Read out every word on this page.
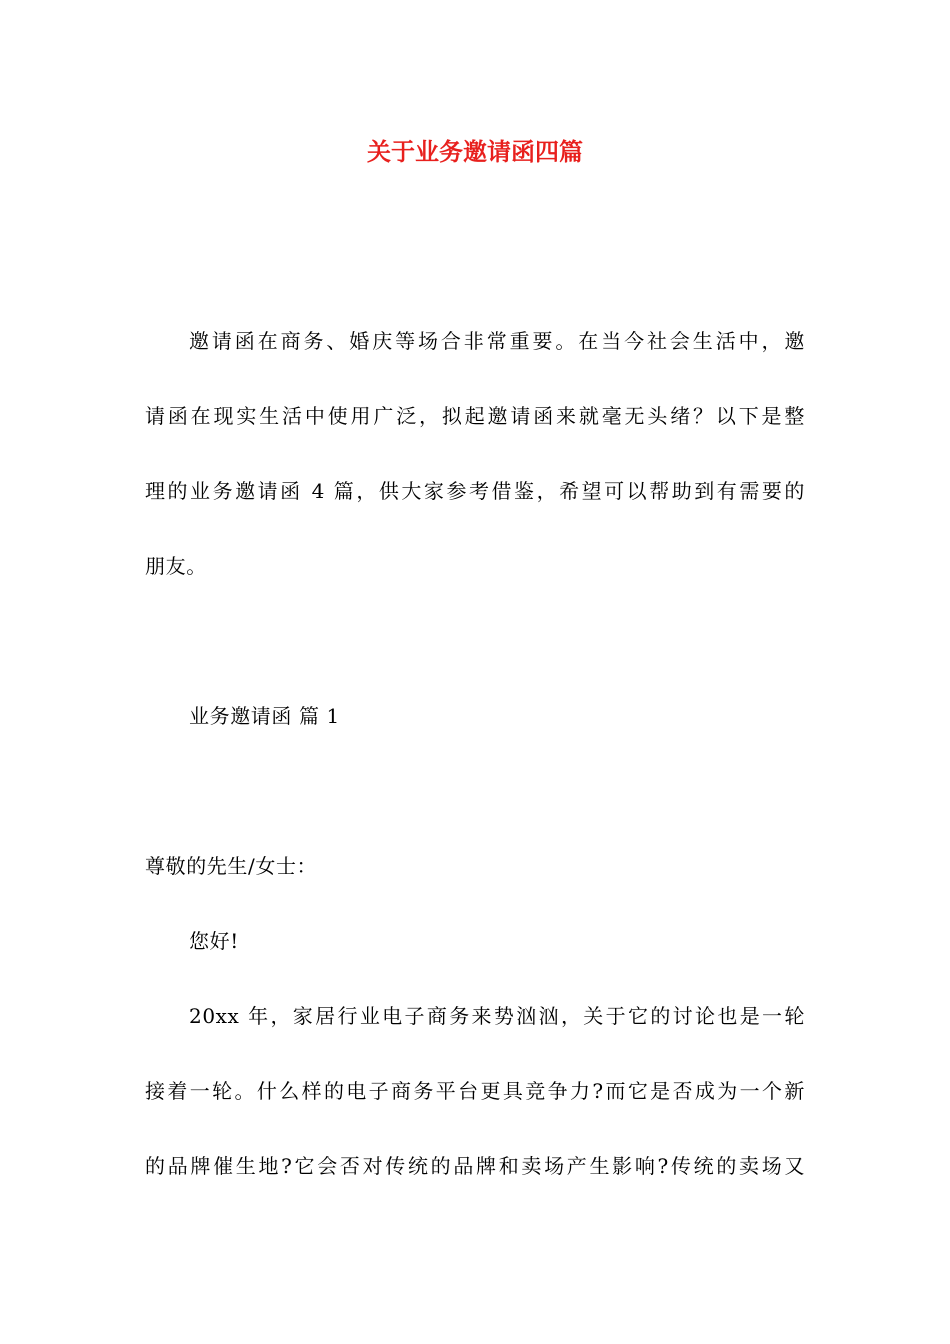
关于业务邀请函四篇
邀请函在商务、婚庆等场合非常重要。在当今社会生活中，邀
请函在现实生活中使用广泛，拟起邀请函来就毫无头绪？以下是整
理的业务邀请函 4 篇，供大家参考借鉴，希望可以帮助到有需要的
朋友。
业务邀请函 篇 1
尊敬的先生/女士：
您好!
20xx 年，家居行业电子商务来势汹汹，关于它的讨论也是一轮
接着一轮。什么样的电子商务平台更具竞争力?而它是否成为一个新
的品牌催生地?它会否对传统的品牌和卖场产生影响?传统的卖场又
